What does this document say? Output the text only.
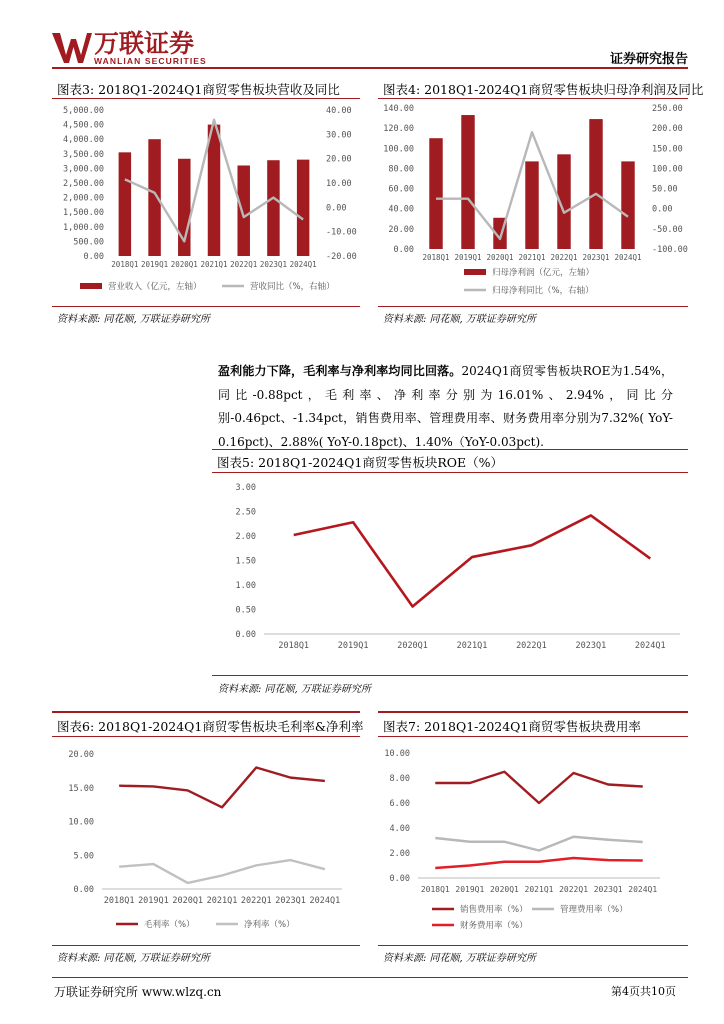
万联证券
WANLIAN SECURITIES	证券研究报告
图表3: 2018Q1-2024Q1商贸零售板块营收及同比
5,000.00
4,500.00
4,000.00
3,500.00
3,000.00
2,500.00
2,000.00
1,500.00
1,000.00
500.00
0.00
40.00
30.00
20.00
10.00
0.00
-10.00
-20.00
2018Q1 2019Q1 2020Q1 2021Q1 2022Q1 2023Q1 2024Q1
营业收入（亿元，左轴）	营收同比（%，右轴）
资料来源: 同花顺, 万联证券研究所
图表4: 2018Q1-2024Q1商贸零售板块归母净利润及同比
140.00
120.00
100.00
80.00
60.00
40.00
20.00
0.00
250.00
200.00
150.00
100.00
50.00
0.00
-50.00
-100.00
2018Q1 2019Q1 2020Q1 2021Q1 2022Q1 2023Q1 2024Q1
归母净利润（亿元，左轴）
归母净利同比（%，右轴）
资料来源: 同花顺, 万联证券研究所
盈利能力下降，毛利率与净利率均同比回落。2024Q1商贸零售板块ROE为1.54%，同比-0.88pct，毛利率、净利率分别为16.01%、2.94%，同比分别-0.46pct、-1.34pct，销售费用率、管理费用率、财务费用率分别为7.32%( YoY-0.16pct)、2.88%( YoY-0.18pct)、1.40%（YoY-0.03pct).
图表5: 2018Q1-2024Q1商贸零售板块ROE（%）
3.00
2.50
2.00
1.50
1.00
0.50
0.00
2018Q1	2019Q1	2020Q1	2021Q1	2022Q1	2023Q1	2024Q1
资料来源: 同花顺, 万联证券研究所
图表6: 2018Q1-2024Q1商贸零售板块毛利率&净利率
20.00
15.00
10.00
5.00
0.00
2018Q1 2019Q1 2020Q1 2021Q1 2022Q1 2023Q1 2024Q1
毛利率（%）	净利率（%）
资料来源: 同花顺, 万联证券研究所
图表7: 2018Q1-2024Q1商贸零售板块费用率
10.00
8.00
6.00
4.00
2.00
0.00
2018Q1 2019Q1 2020Q1 2021Q1 2022Q1 2023Q1 2024Q1
销售费用率（%）	管理费用率（%）
财务费用率（%）
资料来源: 同花顺, 万联证券研究所
万联证券研究所 www.wlzq.cn	第4页共10页
